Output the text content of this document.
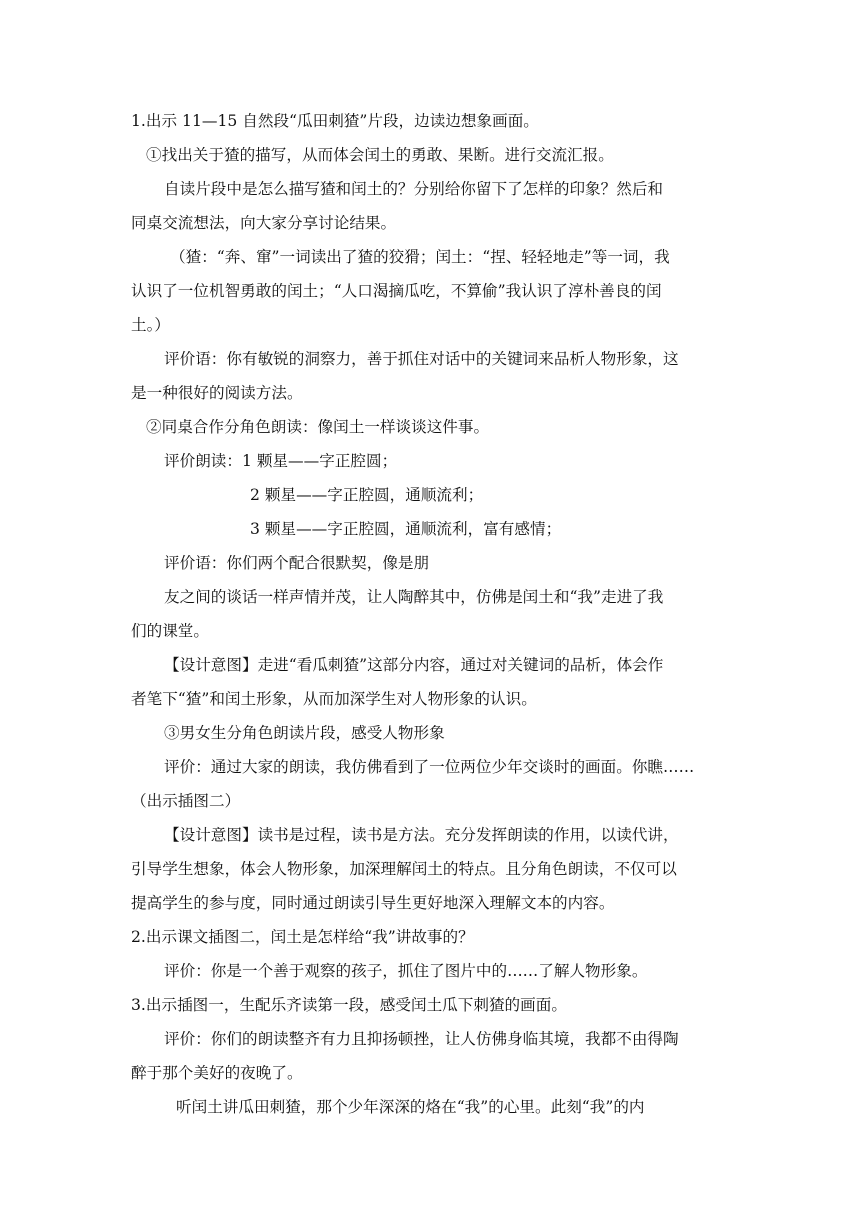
1.出示 11—15 自然段“瓜田刺猹”片段，边读边想象画面。
①找出关于猹的描写，从而体会闰土的勇敢、果断。进行交流汇报。
自读片段中是怎么描写猹和闰土的？分别给你留下了怎样的印象？然后和
同桌交流想法，向大家分享讨论结果。
（猹：“奔、窜”一词读出了猹的狡猾；闰土：“捏、轻轻地走”等一词，我
认识了一位机智勇敢的闰土；“人口渴摘瓜吃，不算偷”我认识了淳朴善良的闰
土。）
评价语：你有敏锐的洞察力，善于抓住对话中的关键词来品析人物形象，这
是一种很好的阅读方法。
②同桌合作分角色朗读：像闰土一样谈谈这件事。
评价朗读：1 颗星——字正腔圆；
2 颗星——字正腔圆，通顺流利；
3 颗星——字正腔圆，通顺流利，富有感情；
评价语：你们两个配合很默契，像是朋
友之间的谈话一样声情并茂，让人陶醉其中，仿佛是闰土和“我”走进了我
们的课堂。
【设计意图】走进“看瓜刺猹”这部分内容，通过对关键词的品析，体会作
者笔下“猹”和闰土形象，从而加深学生对人物形象的认识。
③男女生分角色朗读片段，感受人物形象
评价：通过大家的朗读，我仿佛看到了一位两位少年交谈时的画面。你瞧……
（出示插图二）
【设计意图】读书是过程，读书是方法。充分发挥朗读的作用，以读代讲，
引导学生想象，体会人物形象，加深理解闰土的特点。且分角色朗读，不仅可以
提高学生的参与度，同时通过朗读引导生更好地深入理解文本的内容。
2.出示课文插图二，闰土是怎样给“我”讲故事的？
评价：你是一个善于观察的孩子，抓住了图片中的……了解人物形象。
3.出示插图一，生配乐齐读第一段，感受闰土瓜下刺猹的画面。
评价：你们的朗读整齐有力且抑扬顿挫，让人仿佛身临其境，我都不由得陶
醉于那个美好的夜晚了。
听闰土讲瓜田刺猹，那个少年深深的烙在“我”的心里。此刻“我”的内
